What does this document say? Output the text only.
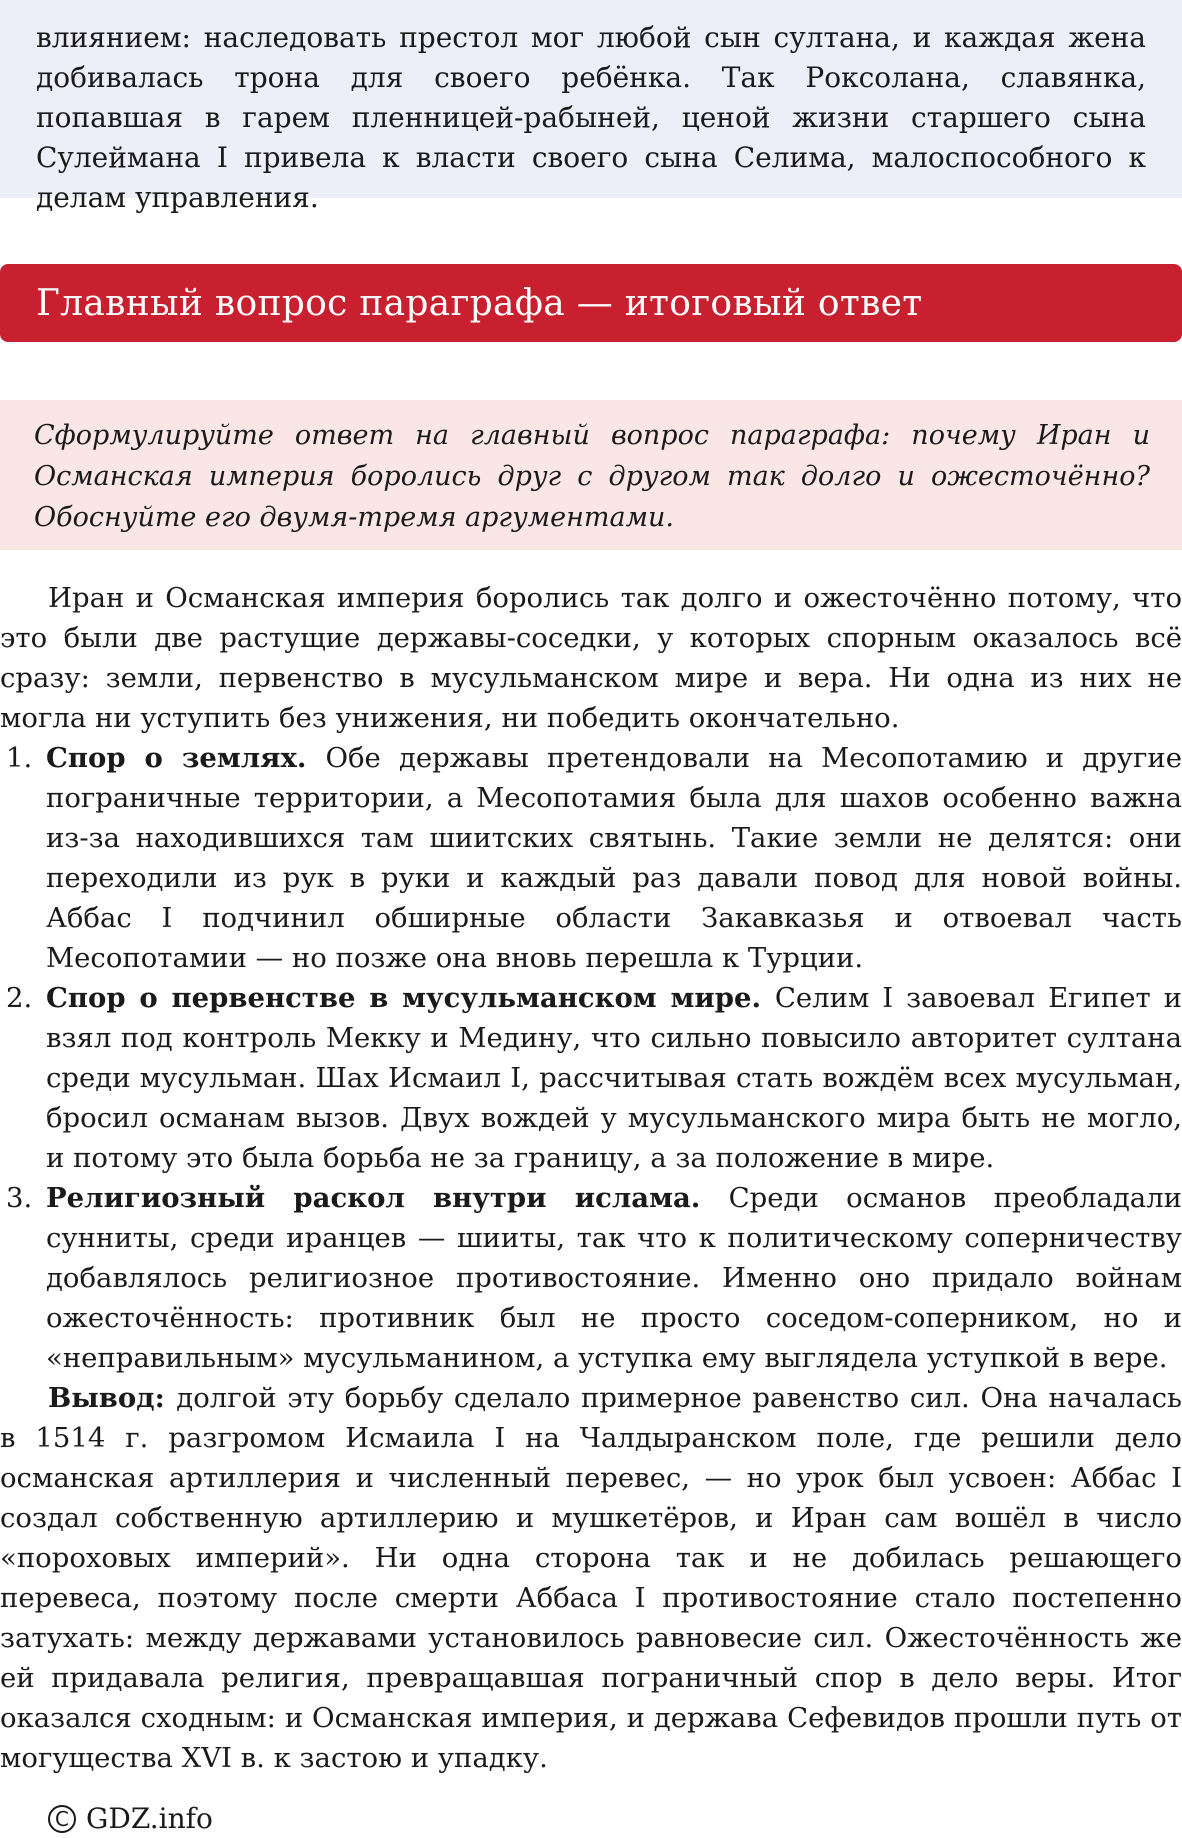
влиянием: наследовать престол мог любой сын султана, и каждая жена добивалась трона для своего ребёнка. Так Роксолана, славянка, попавшая в гарем пленницей-рабыней, ценой жизни старшего сына Сулеймана I привела к власти своего сына Селима, малоспособного к делам управления.

Главный вопрос параграфа — итоговый ответ

Сформулируйте ответ на главный вопрос параграфа: почему Иран и Османская империя боролись друг с другом так долго и ожесточённо? Обоснуйте его двумя-тремя аргументами.

Иран и Османская империя боролись так долго и ожесточённо потому, что это были две растущие державы-соседки, у которых спорным оказалось всё сразу: земли, первенство в мусульманском мире и вера. Ни одна из них не могла ни уступить без унижения, ни победить окончательно.

1. Спор о землях. Обе державы претендовали на Месопотамию и другие пограничные территории, а Месопотамия была для шахов особенно важна из-за находившихся там шиитских святынь. Такие земли не делятся: они переходили из рук в руки и каждый раз давали повод для новой войны. Аббас I подчинил обширные области Закавказья и отвоевал часть Месопотамии — но позже она вновь перешла к Турции.

2. Спор о первенстве в мусульманском мире. Селим I завоевал Египет и взял под контроль Мекку и Медину, что сильно повысило авторитет султана среди мусульман. Шах Исмаил I, рассчитывая стать вождём всех мусульман, бросил османам вызов. Двух вождей у мусульманского мира быть не могло, и потому это была борьба не за границу, а за положение в мире.

3. Религиозный раскол внутри ислама. Среди османов преобладали сунниты, среди иранцев — шииты, так что к политическому соперничеству добавлялось религиозное противостояние. Именно оно придало войнам ожесточённость: противник был не просто соседом-соперником, но и «неправильным» мусульманином, а уступка ему выглядела уступкой в вере.

Вывод: долгой эту борьбу сделало примерное равенство сил. Она началась в 1514 г. разгромом Исмаила I на Чалдыранском поле, где решили дело османская артиллерия и численный перевес, — но урок был усвоен: Аббас I создал собственную артиллерию и мушкетёров, и Иран сам вошёл в число «пороховых империй». Ни одна сторона так и не добилась решающего перевеса, поэтому после смерти Аббаса I противостояние стало постепенно затухать: между державами установилось равновесие сил. Ожесточённость же ей придавала религия, превращавшая пограничный спор в дело веры. Итог оказался сходным: и Османская империя, и держава Сефевидов прошли путь от могущества XVI в. к застою и упадку.

C GDZ.info
